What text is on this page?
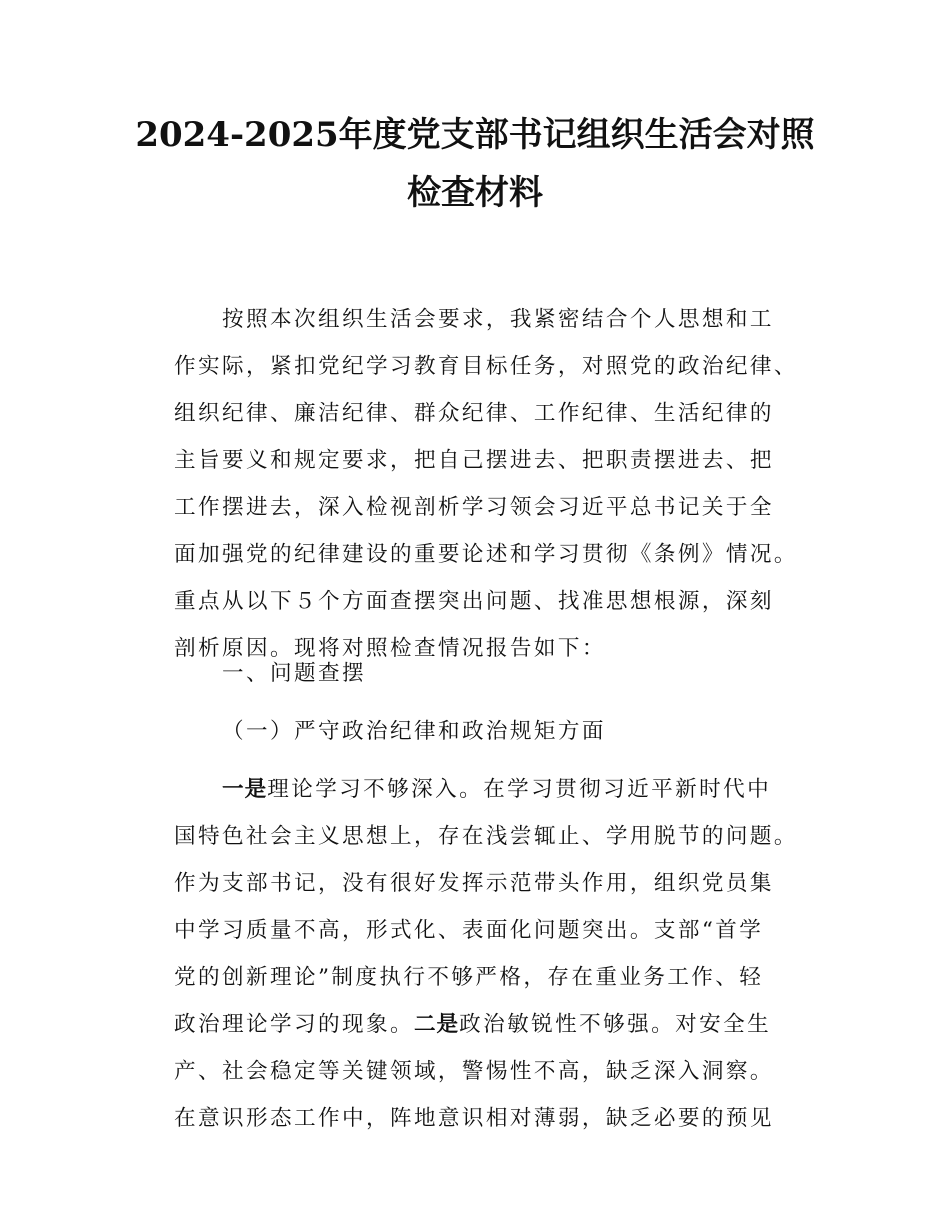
2024-2025年度党支部书记组织生活会对照
检查材料
按照本次组织生活会要求，我紧密结合个人思想和工
作实际，紧扣党纪学习教育目标任务，对照党的政治纪律、
组织纪律、廉洁纪律、群众纪律、工作纪律、生活纪律的
主旨要义和规定要求，把自己摆进去、把职责摆进去、把
工作摆进去，深入检视剖析学习领会习近平总书记关于全
面加强党的纪律建设的重要论述和学习贯彻《条例》情况。
重点从以下５个方面查摆突出问题、找准思想根源，深刻
剖析原因。现将对照检查情况报告如下：
一、问题查摆
（一）严守政治纪律和政治规矩方面
一是理论学习不够深入。在学习贯彻习近平新时代中
国特色社会主义思想上，存在浅尝辄止、学用脱节的问题。
作为支部书记，没有很好发挥示范带头作用，组织党员集
中学习质量不高，形式化、表面化问题突出。支部“首学
党的创新理论”制度执行不够严格，存在重业务工作、轻
政治理论学习的现象。二是政治敏锐性不够强。对安全生
产、社会稳定等关键领域，警惕性不高，缺乏深入洞察。
在意识形态工作中，阵地意识相对薄弱，缺乏必要的预见
